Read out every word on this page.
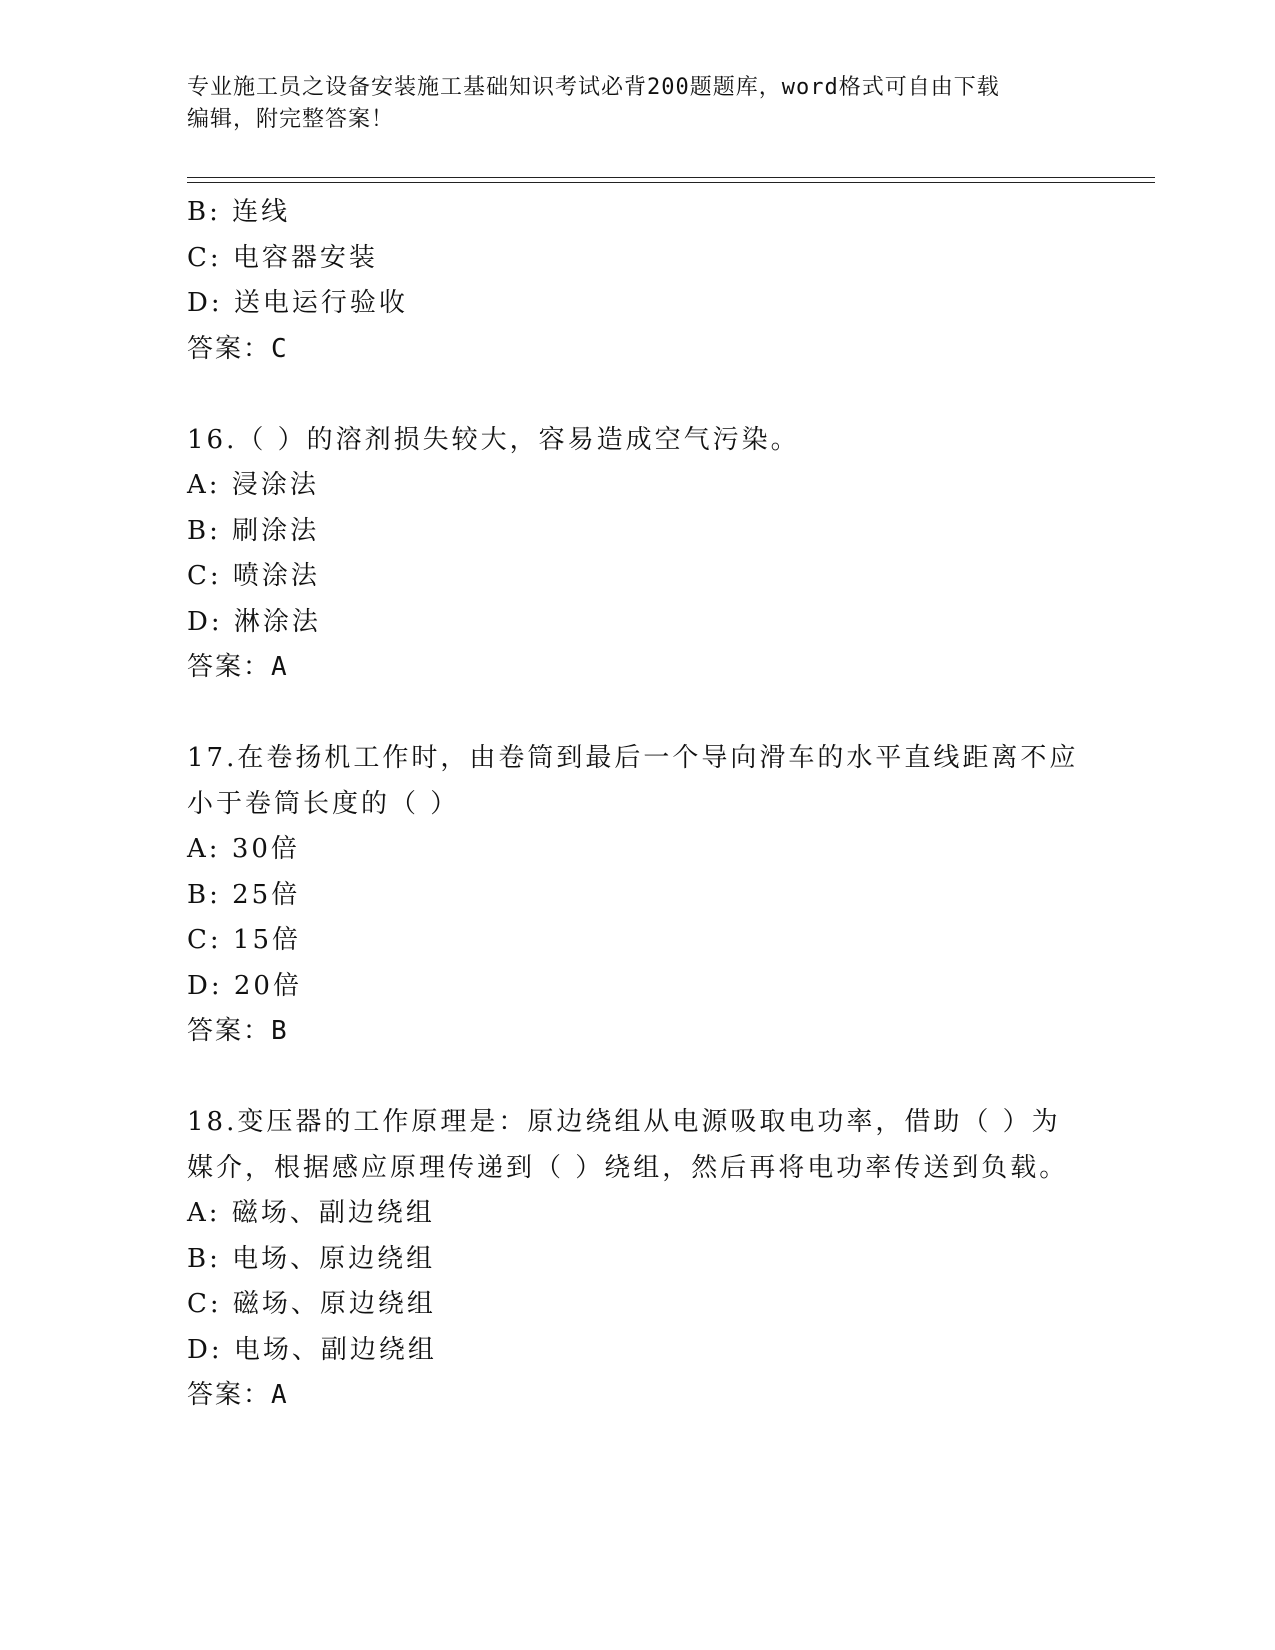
专业施工员之设备安装施工基础知识考试必背200题题库，word格式可自由下载
编辑，附完整答案！
B: 连线
C: 电容器安装
D: 送电运行验收
答案：C
16.（ ）的溶剂损失较大，容易造成空气污染。
A: 浸涂法
B: 刷涂法
C: 喷涂法
D: 淋涂法
答案：A
17.在卷扬机工作时，由卷筒到最后一个导向滑车的水平直线距离不应
小于卷筒长度的（ ）
A: 30倍
B: 25倍
C: 15倍
D: 20倍
答案：B
18.变压器的工作原理是：原边绕组从电源吸取电功率，借助（ ）为
媒介，根据感应原理传递到（ ）绕组，然后再将电功率传送到负载。
A: 磁场、副边绕组
B: 电场、原边绕组
C: 磁场、原边绕组
D: 电场、副边绕组
答案：A
